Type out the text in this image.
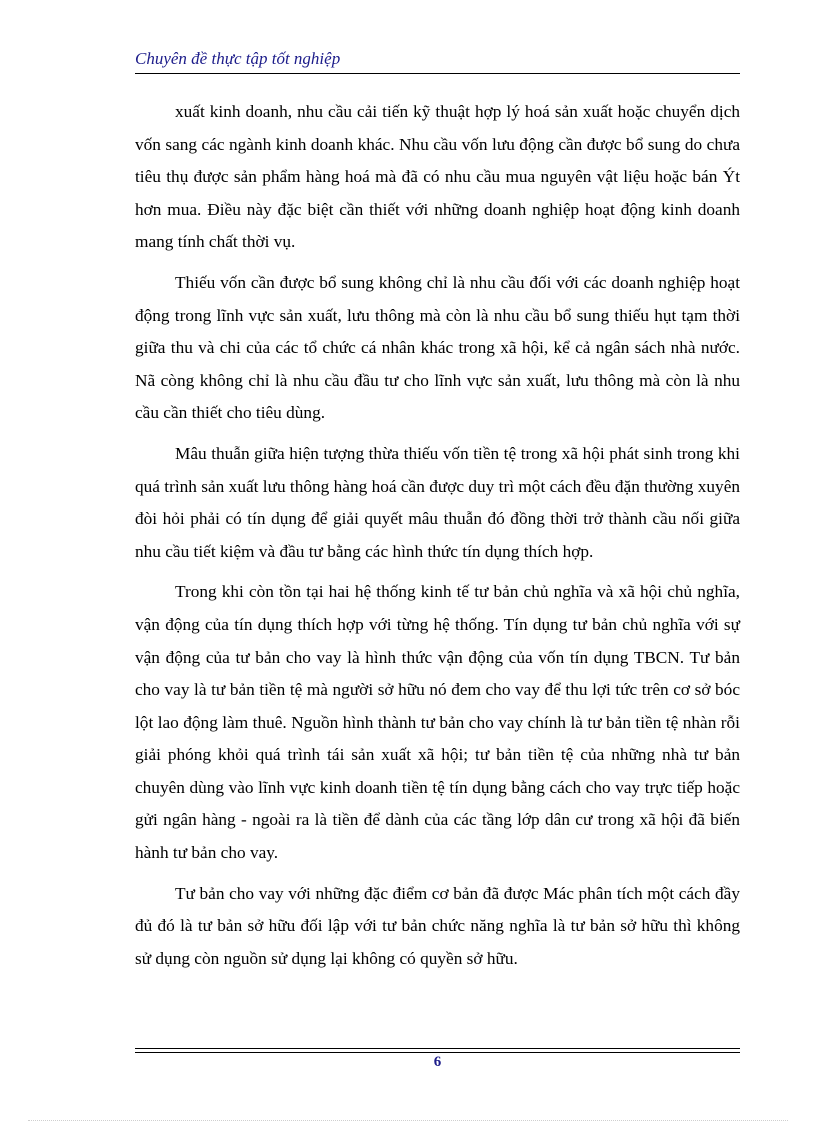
Chuyên đề thực tập tốt nghiệp

xuất kinh doanh, nhu cầu cải tiến kỹ thuật hợp lý hoá sản xuất hoặc chuyển dịch vốn sang các ngành kinh doanh khác. Nhu cầu vốn lưu động cần được bổ sung do chưa tiêu thụ được sản phẩm hàng hoá mà đã có nhu cầu mua nguyên vật liệu hoặc bán Ýt hơn mua. Điều này đặc biệt cần thiết với những doanh nghiệp hoạt động kinh doanh mang tính chất thời vụ.

Thiếu vốn cần được bổ sung không chỉ là nhu cầu đối với các doanh nghiệp hoạt động trong lĩnh vực sản xuất, lưu thông mà còn là nhu cầu bổ sung thiếu hụt tạm thời giữa thu và chi của các tổ chức cá nhân khác trong xã hội, kể cả ngân sách nhà nước. Nã còng không chỉ là nhu cầu đầu tư cho lĩnh vực sản xuất, lưu thông mà còn là nhu cầu cần thiết cho tiêu dùng.

Mâu thuẫn giữa hiện tượng thừa thiếu vốn tiền tệ trong xã hội phát sinh trong khi quá trình sản xuất lưu thông hàng hoá cần được duy trì một cách đều đặn thường xuyên đòi hỏi phải có tín dụng để giải quyết mâu thuẫn đó đồng thời trở thành cầu nối giữa nhu cầu tiết kiệm và đầu tư bằng các hình thức tín dụng thích hợp.

Trong khi còn tồn tại hai hệ thống kinh tế tư bản chủ nghĩa và xã hội chủ nghĩa, vận động của tín dụng thích hợp với từng hệ thống. Tín dụng tư bản chủ nghĩa với sự vận động của tư bản cho vay là hình thức vận động của vốn tín dụng TBCN. Tư bản cho vay là tư bản tiền tệ mà người sở hữu nó đem cho vay để thu lợi tức trên cơ sở bóc lột lao động làm thuê. Nguồn hình thành tư bản cho vay chính là tư bản tiền tệ nhàn rỗi giải phóng khỏi quá trình tái sản xuất xã hội; tư bản tiền tệ của những nhà tư bản chuyên dùng vào lĩnh vực kinh doanh tiền tệ tín dụng bằng cách cho vay trực tiếp hoặc gửi ngân hàng - ngoài ra là tiền để dành của các tầng lớp dân cư trong xã hội đã biến hành tư bản cho vay.

Tư bản cho vay với những đặc điểm cơ bản đã được Mác phân tích một cách đầy đủ đó là tư bản sở hữu đối lập với tư bản chức năng nghĩa là tư bản sở hữu thì không sử dụng còn nguồn sử dụng lại không có quyền sở hữu.

6
